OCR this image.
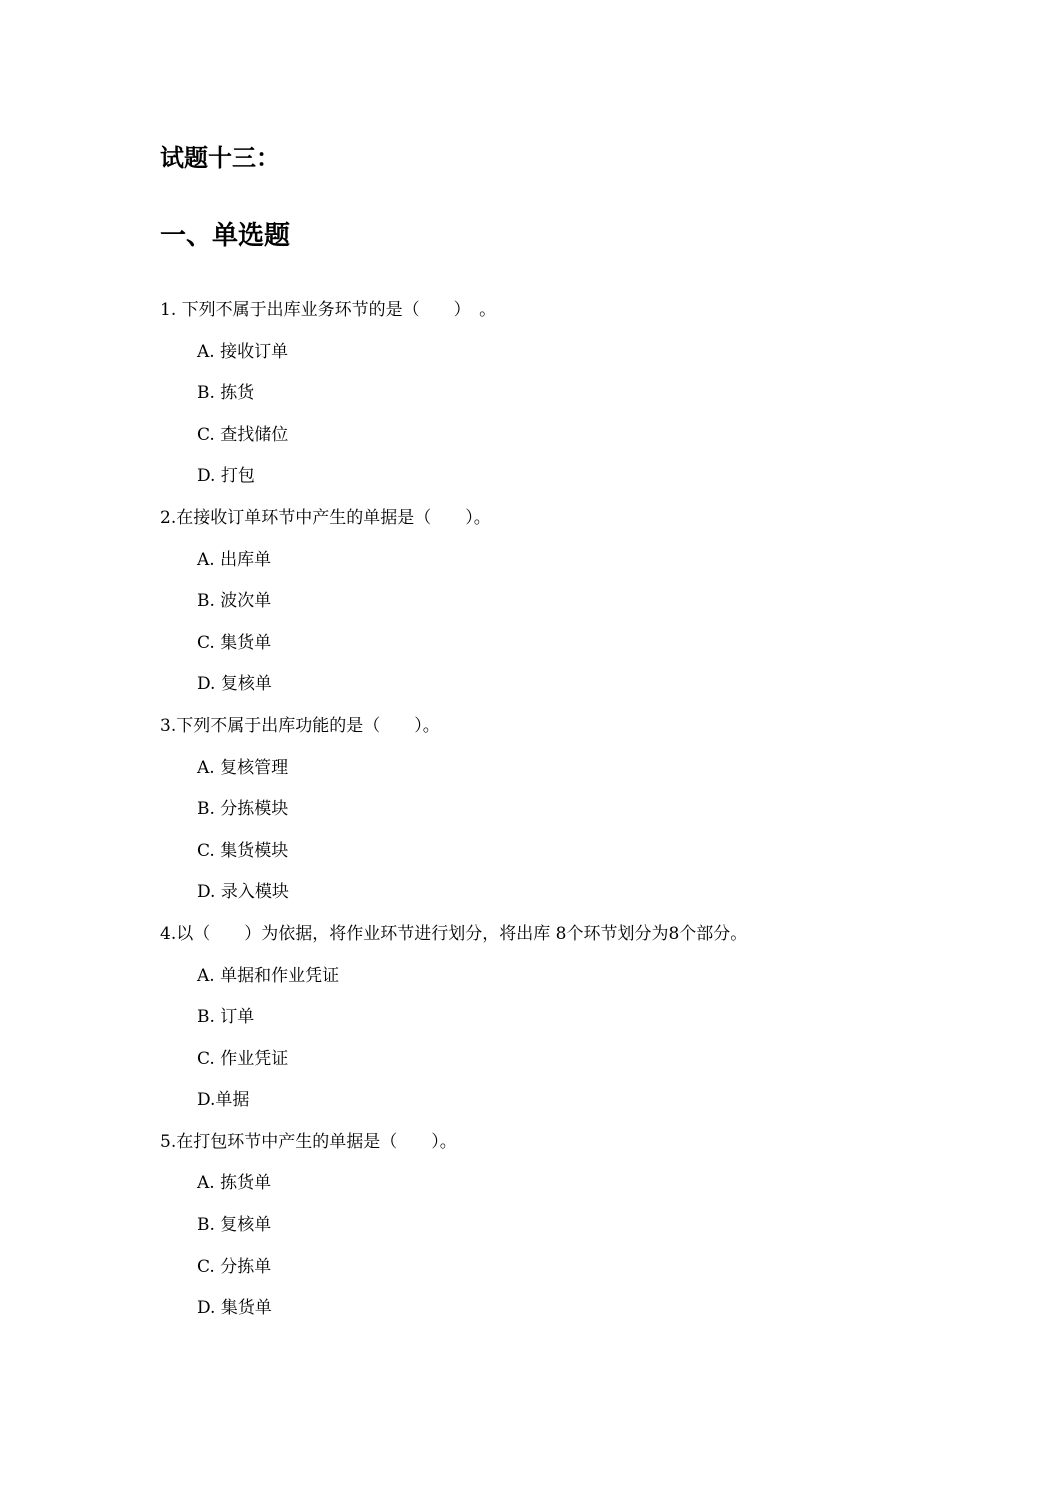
试题十三：
一、单选题

1. 下列不属于出库业务环节的是（　　）　。

A. 接收订单

B. 拣货

C. 查找储位

D. 打包

2.在接收订单环节中产生的单据是（　　）。

A. 出库单

B. 波次单

C. 集货单

D. 复核单

3.下列不属于出库功能的是（　　）。

A. 复核管理

B. 分拣模块

C. 集货模块

D. 录入模块

4.以（　　）为依据，将作业环节进行划分，将出库 8个环节划分为8个部分。

A. 单据和作业凭证

B. 订单

C. 作业凭证

D.单据

5.在打包环节中产生的单据是（　　）。

A. 拣货单

B. 复核单

C. 分拣单

D. 集货单
